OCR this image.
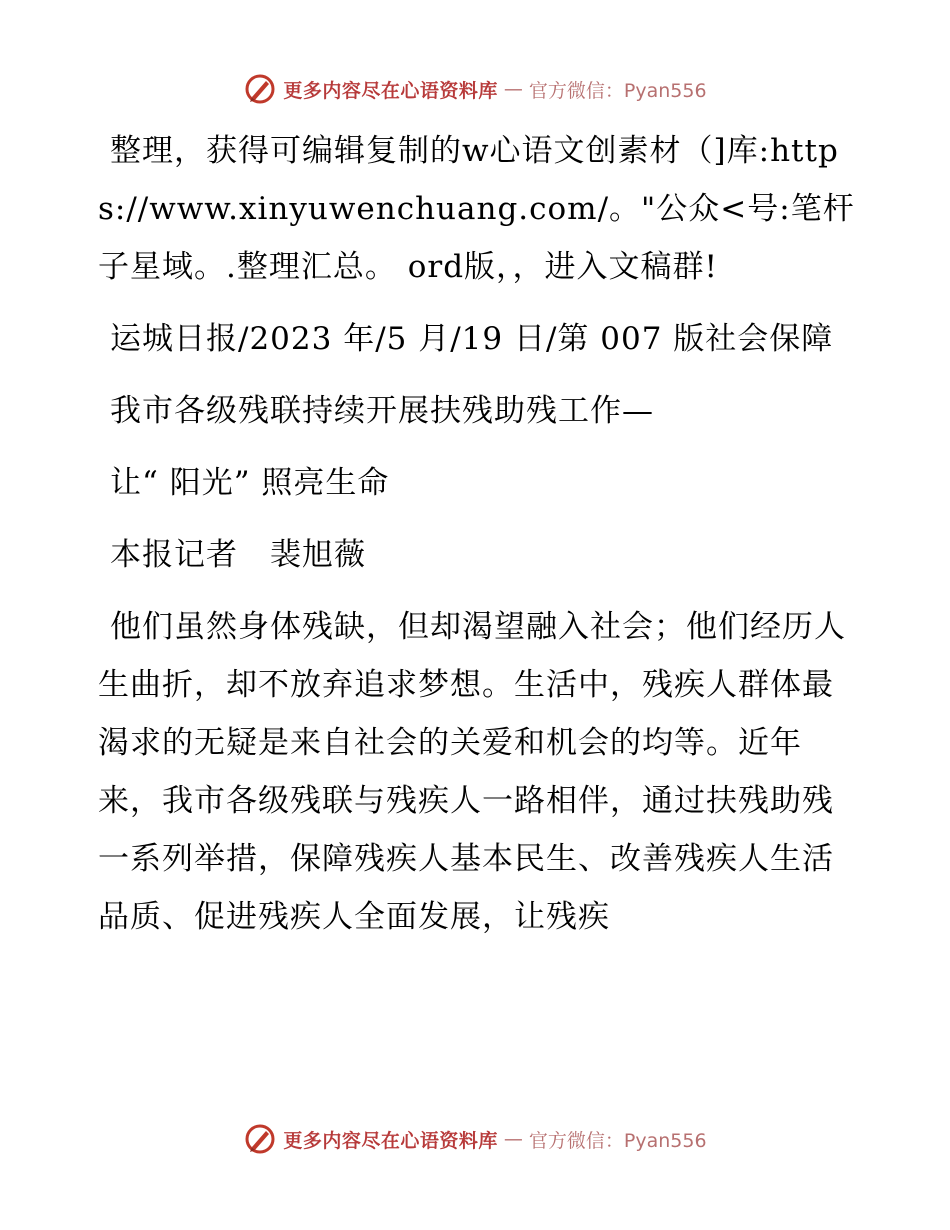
更多内容尽在心语资料库 — 官方微信：Pyan556

整理，获得可编辑复制的w心语文创素材（]库:https://www.xinyuwenchuang.com/。"公众<号:笔杆子星域。.整理汇总。 ord版，，进入文稿群!

运城日报/2023 年/5 月/19 日/第 007 版社会保障

我市各级残联持续开展扶残助残工作—

让“ 阳光” 照亮生命

本报记者　裴旭薇

他们虽然身体残缺，但却渴望融入社会；他们经历人生曲折，却不放弃追求梦想。生活中，残疾人群体最渴求的无疑是来自社会的关爱和机会的均等。近年来，我市各级残联与残疾人一路相伴，通过扶残助残一系列举措，保障残疾人基本民生、改善残疾人生活品质、促进残疾人全面发展，让残疾

更多内容尽在心语资料库 — 官方微信：Pyan556
